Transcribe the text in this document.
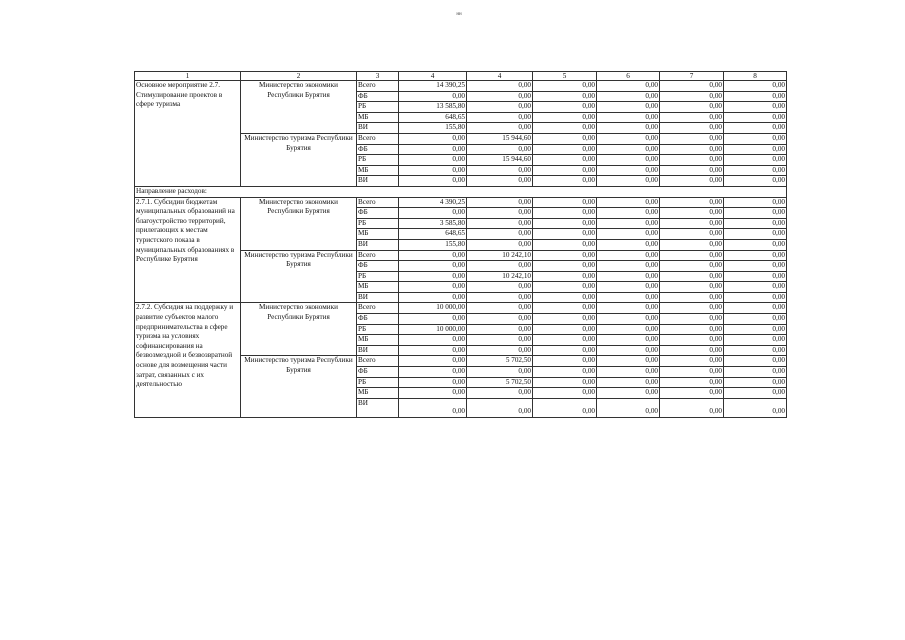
нн
1	2	3	4	4	5	6	7	8
Основное мероприятие 2.7. Стимулирование проектов в сфере туризма	Министерство экономики Республики Бурятия	Всего	14 390,25	0,00	0,00	0,00	0,00	0,00
		ФБ	0,00	0,00	0,00	0,00	0,00	0,00
		РБ	13 585,80	0,00	0,00	0,00	0,00	0,00
		МБ	648,65	0,00	0,00	0,00	0,00	0,00
		ВИ	155,80	0,00	0,00	0,00	0,00	0,00
	Министерство туризма Республики Бурятия	Всего	0,00	15 944,60	0,00	0,00	0,00	0,00
		ФБ	0,00	0,00	0,00	0,00	0,00	0,00
		РБ	0,00	15 944,60	0,00	0,00	0,00	0,00
		МБ	0,00	0,00	0,00	0,00	0,00	0,00
		ВИ	0,00	0,00	0,00	0,00	0,00	0,00
Направление расходов:								
2.7.1. Субсидии бюджетам муниципальных образований на благоустройство территорий, прилегающих к местам туристского показа в муниципальных образованиях в Республике Бурятия	Министерство экономики Республики Бурятия	Всего	4 390,25	0,00	0,00	0,00	0,00	0,00
		ФБ	0,00	0,00	0,00	0,00	0,00	0,00
		РБ	3 585,80	0,00	0,00	0,00	0,00	0,00
		МБ	648,65	0,00	0,00	0,00	0,00	0,00
		ВИ	155,80	0,00	0,00	0,00	0,00	0,00
	Министерство туризма Республики Бурятия	Всего	0,00	10 242,10	0,00	0,00	0,00	0,00
		ФБ	0,00	0,00	0,00	0,00	0,00	0,00
		РБ	0,00	10 242,10	0,00	0,00	0,00	0,00
		МБ	0,00	0,00	0,00	0,00	0,00	0,00
		ВИ	0,00	0,00	0,00	0,00	0,00	0,00
2.7.2. Субсидия на поддержку и развитие субъектов малого предпринимательства в сфере туризма на условиях софинансирования на безвозмездной и безвозвратной основе для возмещения части затрат, связанных с их деятельностью	Министерство экономики Республики Бурятия	Всего	10 000,00	0,00	0,00	0,00	0,00	0,00
		ФБ	0,00	0,00	0,00	0,00	0,00	0,00
		РБ	10 000,00	0,00	0,00	0,00	0,00	0,00
		МБ	0,00	0,00	0,00	0,00	0,00	0,00
		ВИ	0,00	0,00	0,00	0,00	0,00	0,00
	Министерство туризма Республики Бурятия	Всего	0,00	5 702,50	0,00	0,00	0,00	0,00
		ФБ	0,00	0,00	0,00	0,00	0,00	0,00
		РБ	0,00	5 702,50	0,00	0,00	0,00	0,00
		МБ	0,00	0,00	0,00	0,00	0,00	0,00
		ВИ	0,00	0,00	0,00	0,00	0,00	0,00
